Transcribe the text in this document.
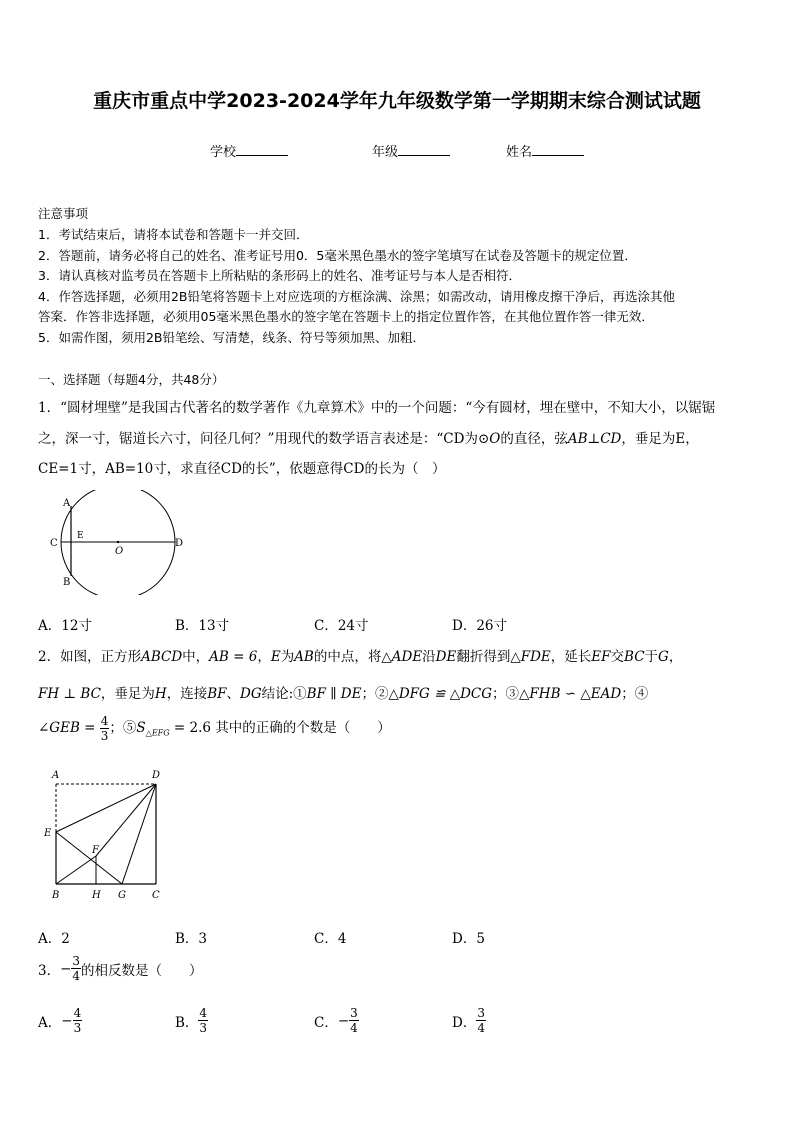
重庆市重点中学2023-2024学年九年级数学第一学期期末综合测试试题
学校	年级	姓名
注意事项
1．考试结束后，请将本试卷和答题卡一并交回．
2．答题前，请务必将自己的姓名、准考证号用0．5毫米黑色墨水的签字笔填写在试卷及答题卡的规定位置．
3．请认真核对监考员在答题卡上所粘贴的条形码上的姓名、准考证号与本人是否相符．
4．作答选择题，必须用2B铅笔将答题卡上对应选项的方框涂满、涂黑；如需改动，请用橡皮擦干净后，再选涂其他
答案．作答非选择题，必须用05毫米黑色墨水的签字笔在答题卡上的指定位置作答，在其他位置作答一律无效．
5．如需作图，须用2B铅笔绘、写清楚，线条、符号等须加黑、加粗．
一、选择题（每题4分，共48分）
1．“圆材埋壁”是我国古代著名的数学著作《九章算术》中的一个问题：“今有圆材，埋在壁中，不知大小，以锯锯
之，深一寸，锯道长六寸，问径几何？”用现代的数学语言表述是：“CD为⊙O的直径，弦AB⊥CD，垂足为E，
CE=1寸，AB=10寸，求直径CD的长”，依题意得CD的长为（　）
A
B
C	D
E
O
A．12寸	B．13寸	C．24寸	D．26寸
2．如图，正方形ABCD中，AB = 6，E为AB的中点，将△ADE沿DE翻折得到△FDE，延长EF交BC于G，
FH ⊥ BC，垂足为H，连接BF、DG结论:①BF ∥ DE；②△DFG ≌ △DCG；③△FHB ∽ △EAD；④
∠GEB = $\frac{4}{3}$ ；$⑤S_{\triangle EFG} = 2.6$ 其中的正确的个数是（　　）
A	D
E
F
B	H G	C
A．2	B．3	C．4	D．5
3． − $\frac{3}{4}$ 的相反数是（　　）
A． − $\frac{4}{3}$	B． $\frac{4}{3}$	C． − $\frac{3}{4}$	D． $\frac{3}{4}$
